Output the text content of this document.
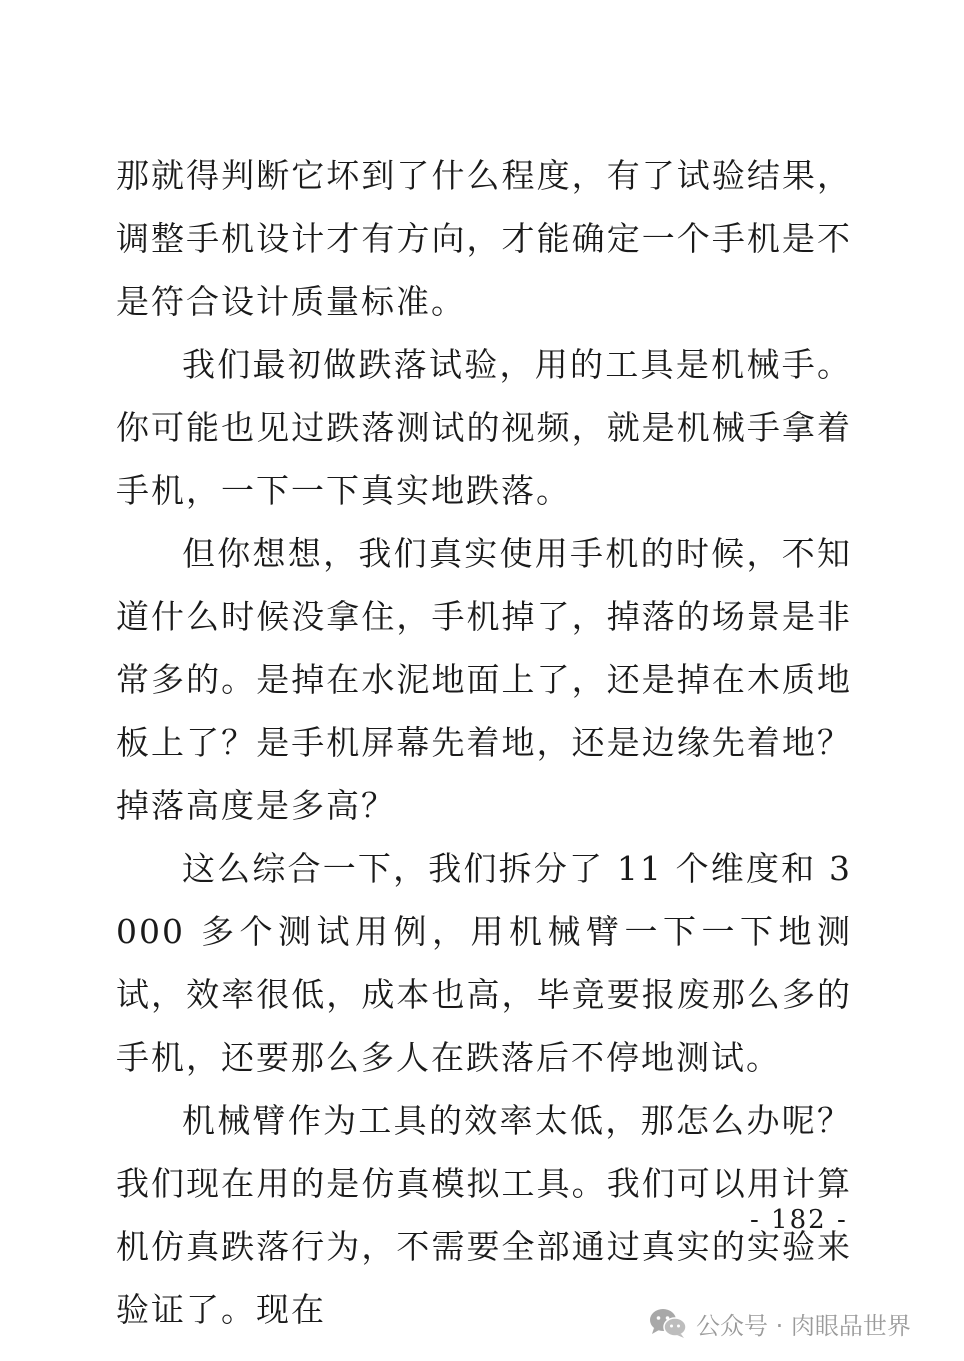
那就得判断它坏到了什么程度，有了试验结果，调整手机设计才有方向，才能确定一个手机是不是符合设计质量标准。

我们最初做跌落试验，用的工具是机械手。你可能也见过跌落测试的视频，就是机械手拿着手机，一下一下真实地跌落。

但你想想，我们真实使用手机的时候，不知道什么时候没拿住，手机掉了，掉落的场景是非常多的。是掉在水泥地面上了，还是掉在木质地板上了？是手机屏幕先着地，还是边缘先着地？掉落高度是多高？

这么综合一下，我们拆分了 11 个维度和 3000 多个测试用例，用机械臂一下一下地测试，效率很低，成本也高，毕竟要报废那么多的手机，还要那么多人在跌落后不停地测试。

机械臂作为工具的效率太低，那怎么办呢？我们现在用的是仿真模拟工具。我们可以用计算机仿真跌落行为，不需要全部通过真实的实验来验证了。现在

- 182 -
公众号 · 肉眼品世界
